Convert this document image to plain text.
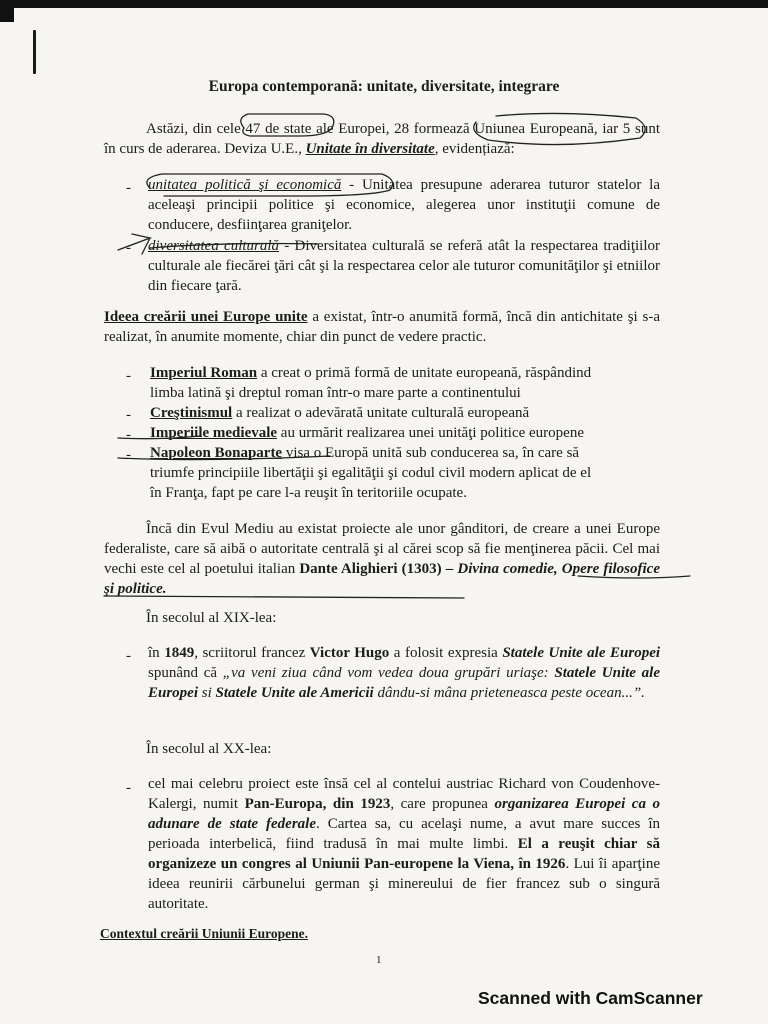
Europa contemporană: unitate, diversitate, integrare
Astăzi, din cele 47 de state ale Europei, 28 formează Uniunea Europeană, iar 5 sunt în curs de aderarea. Deviza U.E., Unitate în diversitate, evidențiază:
- unitatea politică şi economică - Unitatea presupune aderarea tuturor statelor la aceleaşi principii politice şi economice, alegerea unor instituţii comune de conducere, desfiinţarea graniţelor.
- diversitatea culturală - Diversitatea culturală se referă atât la respectarea tradiţiilor culturale ale fiecărei ţări cât şi la respectarea celor ale tuturor comunităţilor şi etniilor din fiecare ţară.
Ideea creării unei Europe unite a existat, într-o anumită formă, încă din antichitate şi s-a realizat, în anumite momente, chiar din punct de vedere practic.
- Imperiul Roman a creat o primă formă de unitate europeană, răspândind
limba latină şi dreptul roman într-o mare parte a continentului
- Creştinismul a realizat o adevărată unitate culturală europeană
- Imperiile medievale au urmărit realizarea unei unităţi politice europene
- Napoleon Bonaparte visa o Europă unită sub conducerea sa, în care să
triumfe principiile libertăţii şi egalităţii şi codul civil modern aplicat de el
în Franţa, fapt pe care l-a reuşit în teritoriile ocupate.
Încă din Evul Mediu au existat proiecte ale unor gânditori, de creare a unei Europe federaliste, care să aibă o autoritate centrală şi al cărei scop să fie menţinerea păcii. Cel mai vechi este cel al poetului italian Dante Alighieri (1303) – Divina comedie, Opere filosofice şi politice.
În secolul al XIX-lea:
- în 1849, scriitorul francez Victor Hugo a folosit expresia Statele Unite ale Europei spunând că „va veni ziua când vom vedea doua grupări uriaşe: Statele Unite ale Europei si Statele Unite ale Americii dându-si mâna prieteneasca peste ocean...”.
În secolul al XX-lea:
- cel mai celebru proiect este însă cel al contelui austriac Richard von Coudenhove-Kalergi, numit Pan-Europa, din 1923, care propunea organizarea Europei ca o adunare de state federale. Cartea sa, cu acelaşi nume, a avut mare succes în perioada interbelică, fiind tradusă în mai multe limbi. El a reuşit chiar să organizeze un congres al Uniunii Pan-europene la Viena, în 1926. Lui îi aparţine ideea reunirii cărbunelui german şi minereului de fier francez sub o singură autoritate.
Contextul creării Uniunii Europene.
1
Scanned with CamScanner
